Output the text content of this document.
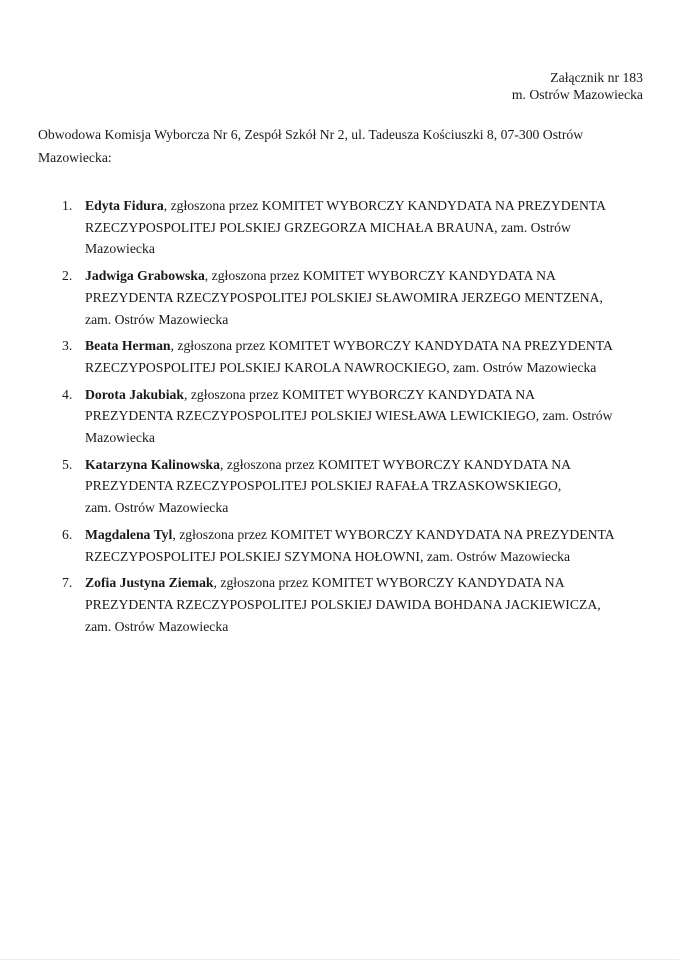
Załącznik nr 183
m. Ostrów Mazowiecka
Obwodowa Komisja Wyborcza Nr 6, Zespół Szkół Nr 2, ul. Tadeusza Kościuszki 8, 07-300 Ostrów
Mazowiecka:
1. Edyta Fidura, zgłoszona przez KOMITET WYBORCZY KANDYDATA NA PREZYDENTA
RZECZYPOSPOLITEJ POLSKIEJ GRZEGORZA MICHAŁA BRAUNA, zam. Ostrów
Mazowiecka
2. Jadwiga Grabowska, zgłoszona przez KOMITET WYBORCZY KANDYDATA NA
PREZYDENTA RZECZYPOSPOLITEJ POLSKIEJ SŁAWOMIRA JERZEGO MENTZENA,
zam. Ostrów Mazowiecka
3. Beata Herman, zgłoszona przez KOMITET WYBORCZY KANDYDATA NA PREZYDENTA
RZECZYPOSPOLITEJ POLSKIEJ KAROLA NAWROCKIEGO, zam. Ostrów Mazowiecka
4. Dorota Jakubiak, zgłoszona przez KOMITET WYBORCZY KANDYDATA NA
PREZYDENTA RZECZYPOSPOLITEJ POLSKIEJ WIESŁAWA LEWICKIEGO, zam. Ostrów
Mazowiecka
5. Katarzyna Kalinowska, zgłoszona przez KOMITET WYBORCZY KANDYDATA NA
PREZYDENTA RZECZYPOSPOLITEJ POLSKIEJ RAFAŁA TRZASKOWSKIEGO,
zam. Ostrów Mazowiecka
6. Magdalena Tyl, zgłoszona przez KOMITET WYBORCZY KANDYDATA NA PREZYDENTA
RZECZYPOSPOLITEJ POLSKIEJ SZYMONA HOŁOWNI, zam. Ostrów Mazowiecka
7. Zofia Justyna Ziemak, zgłoszona przez KOMITET WYBORCZY KANDYDATA NA
PREZYDENTA RZECZYPOSPOLITEJ POLSKIEJ DAWIDA BOHDANA JACKIEWICZA,
zam. Ostrów Mazowiecka
